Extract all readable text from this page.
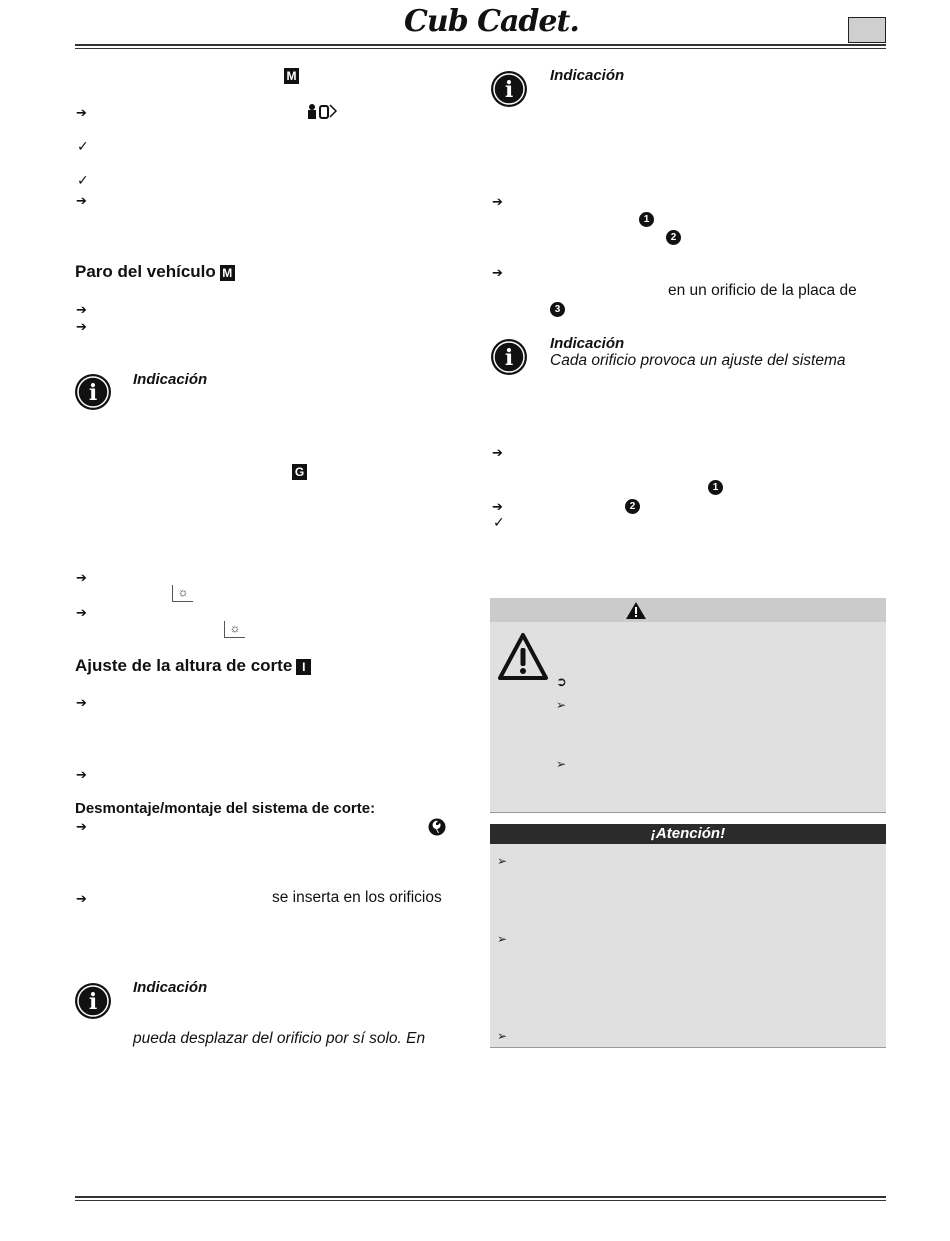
Cub Cadet.
M
➔
✓
✓
➔
Paro del vehículo M
➔
➔
i
Indicación
G
➔
☼
➔
☼
Ajuste de la altura de corte I
➔
➔
Desmontaje/montaje del sistema de corte:
➔
➔	se inserta en los orificios
i
Indicación
pueda desplazar del orificio por sí solo. En
i
Indicación
➔
1
2
➔
en un orificio de la placa de
3
i
Indicación
Cada orificio provoca un ajuste del sistema
➔
1
➔	2
✓
➲
➢
➢
¡Atención!
➢
➢
➢
